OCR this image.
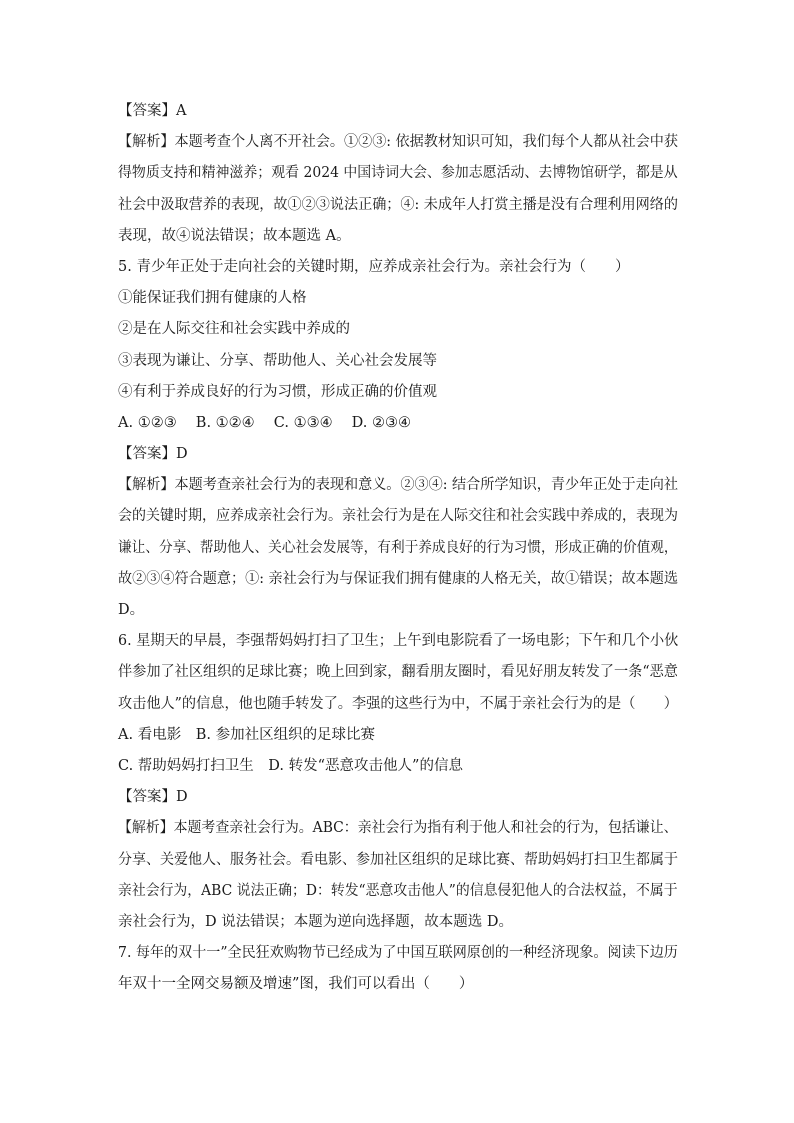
【答案】A
【解析】本题考查个人离不开社会。①②③: 依据教材知识可知，我们每个人都从社会中获
得物质支持和精神滋养；观看 2024 中国诗词大会、参加志愿活动、去博物馆研学，都是从
社会中汲取营养的表现，故①②③说法正确；④: 未成年人打赏主播是没有合理利用网络的
表现，故④说法错误；故本题选 A。
5. 青少年正处于走向社会的关键时期，应养成亲社会行为。亲社会行为（　　）
①能保证我们拥有健康的人格
②是在人际交往和社会实践中养成的
③表现为谦让、分享、帮助他人、关心社会发展等
④有利于养成良好的行为习惯，形成正确的价值观
A. ①②③　 B. ①②④　 C. ①③④　 D. ②③④
【答案】D
【解析】本题考查亲社会行为的表现和意义。②③④: 结合所学知识，青少年正处于走向社
会的关键时期，应养成亲社会行为。亲社会行为是在人际交往和社会实践中养成的，表现为
谦让、分享、帮助他人、关心社会发展等，有利于养成良好的行为习惯，形成正确的价值观，
故②③④符合题意；①: 亲社会行为与保证我们拥有健康的人格无关，故①错误；故本题选
D。
6. 星期天的早晨，李强帮妈妈打扫了卫生；上午到电影院看了一场电影；下午和几个小伙
伴参加了社区组织的足球比赛；晚上回到家，翻看朋友圈时，看见好朋友转发了一条“恶意
攻击他人”的信息，他也随手转发了。李强的这些行为中，不属于亲社会行为的是（　　）
A. 看电影　B. 参加社区组织的足球比赛
C. 帮助妈妈打扫卫生　D. 转发“恶意攻击他人”的信息
【答案】D
【解析】本题考查亲社会行为。ABC：亲社会行为指有利于他人和社会的行为，包括谦让、
分享、关爱他人、服务社会。看电影、参加社区组织的足球比赛、帮助妈妈打扫卫生都属于
亲社会行为，ABC 说法正确；D：转发“恶意攻击他人”的信息侵犯他人的合法权益，不属于
亲社会行为，D 说法错误；本题为逆向选择题，故本题选 D。
7. 每年的双十一”全民狂欢购物节已经成为了中国互联网原创的一种经济现象。阅读下边历
年双十一全网交易额及增速”图，我们可以看出（　　）
